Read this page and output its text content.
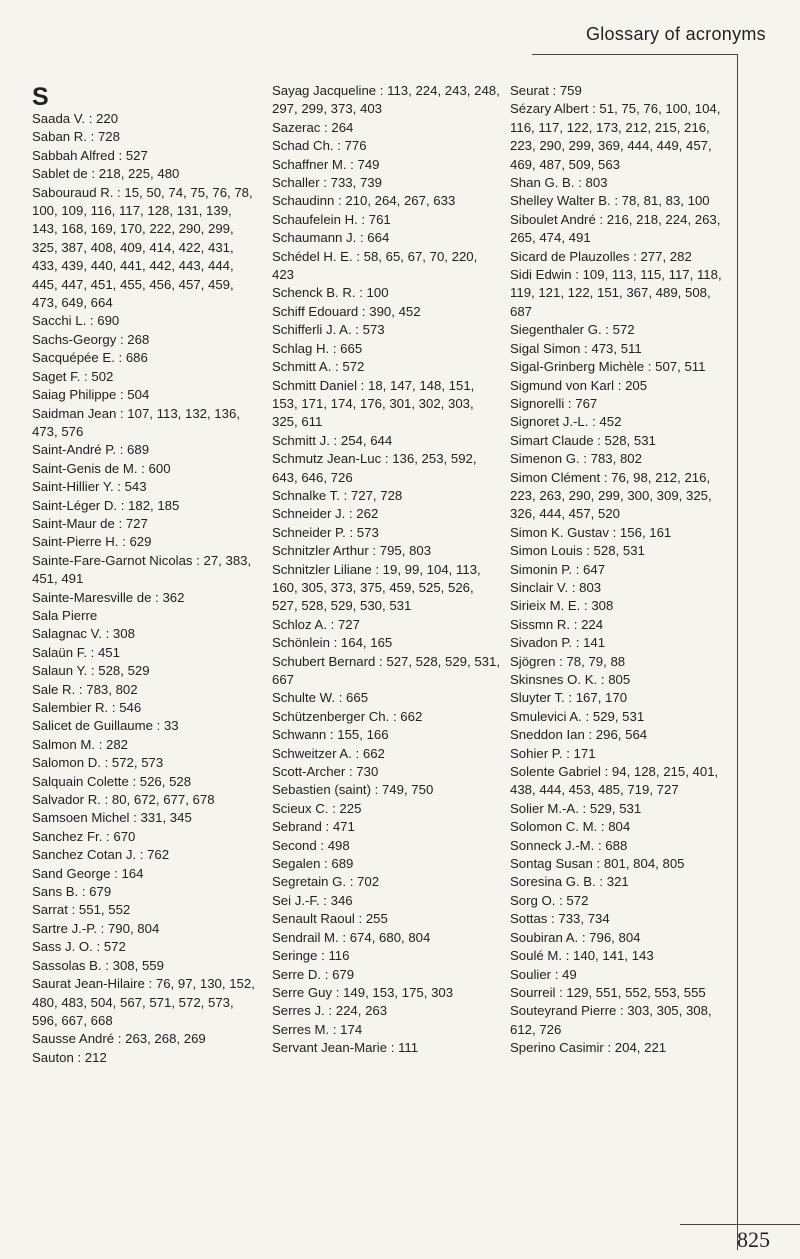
Glossary of acronyms
825
S
Saada V. : 220
Saban R. : 728
Sabbah Alfred : 527
Sablet de : 218, 225, 480
Sabouraud R. : 15, 50, 74, 75, 76, 78, 100, 109, 116, 117, 128, 131, 139, 143, 168, 169, 170, 222, 290, 299, 325, 387, 408, 409, 414, 422, 431, 433, 439, 440, 441, 442, 443, 444, 445, 447, 451, 455, 456, 457, 459, 473, 649, 664
Sacchi L. : 690
Sachs-Georgy : 268
Sacquépée E. : 686
Saget F. : 502
Saiag Philippe : 504
Saidman Jean : 107, 113, 132, 136, 473, 576
Saint-André P. : 689
Saint-Genis de M. : 600
Saint-Hillier Y. : 543
Saint-Léger D. : 182, 185
Saint-Maur de : 727
Saint-Pierre H. : 629
Sainte-Fare-Garnot Nicolas : 27, 383, 451, 491
Sainte-Maresville de : 362
Sala Pierre
Salagnac V. : 308
Salaün F. : 451
Salaun Y. : 528, 529
Sale R. : 783, 802
Salembier R. : 546
Salicet de Guillaume : 33
Salmon M. : 282
Salomon D. : 572, 573
Salquain Colette : 526, 528
Salvador R. : 80, 672, 677, 678
Samsoen Michel : 331, 345
Sanchez Fr. : 670
Sanchez Cotan J. : 762
Sand George : 164
Sans B. : 679
Sarrat : 551, 552
Sartre J.-P. : 790, 804
Sass J. O. : 572
Sassolas B. : 308, 559
Saurat Jean-Hilaire : 76, 97, 130, 152, 480, 483, 504, 567, 571, 572, 573, 596, 667, 668
Sausse André : 263, 268, 269
Sauton : 212
Sayag Jacqueline : 113, 224, 243, 248, 297, 299, 373, 403
Sazerac : 264
Schad Ch. : 776
Schaffner M. : 749
Schaller : 733, 739
Schaudinn : 210, 264, 267, 633
Schaufelein H. : 761
Schaumann J. : 664
Schédel H. E. : 58, 65, 67, 70, 220, 423
Schenck B. R. : 100
Schiff Edouard : 390, 452
Schifferli J. A. : 573
Schlag H. : 665
Schmitt A. : 572
Schmitt Daniel : 18, 147, 148, 151, 153, 171, 174, 176, 301, 302, 303, 325, 611
Schmitt J. : 254, 644
Schmutz Jean-Luc : 136, 253, 592, 643, 646, 726
Schnalke T. : 727, 728
Schneider J. : 262
Schneider P. : 573
Schnitzler Arthur : 795, 803
Schnitzler Liliane : 19, 99, 104, 113, 160, 305, 373, 375, 459, 525, 526, 527, 528, 529, 530, 531
Schloz A. : 727
Schönlein : 164, 165
Schubert Bernard : 527, 528, 529, 531, 667
Schulte W. : 665
Schützenberger Ch. : 662
Schwann : 155, 166
Schweitzer A. : 662
Scott-Archer : 730
Sebastien (saint) : 749, 750
Scieux C. : 225
Sebrand : 471
Second : 498
Segalen : 689
Segretain G. : 702
Sei J.-F. : 346
Senault Raoul : 255
Sendrail M. : 674, 680, 804
Seringe : 116
Serre D. : 679
Serre Guy : 149, 153, 175, 303
Serres J. : 224, 263
Serres M. : 174
Servant Jean-Marie : 111
Seurat : 759
Sézary Albert : 51, 75, 76, 100, 104, 116, 117, 122, 173, 212, 215, 216, 223, 290, 299, 369, 444, 449, 457, 469, 487, 509, 563
Shan G. B. : 803
Shelley Walter B. : 78, 81, 83, 100
Siboulet André : 216, 218, 224, 263, 265, 474, 491
Sicard de Plauzolles : 277, 282
Sidi Edwin : 109, 113, 115, 117, 118, 119, 121, 122, 151, 367, 489, 508, 687
Siegenthaler G. : 572
Sigal Simon : 473, 511
Sigal-Grinberg Michèle : 507, 511
Sigmund von Karl : 205
Signorelli : 767
Signoret J.-L. : 452
Simart Claude : 528, 531
Simenon G. : 783, 802
Simon Clément : 76, 98, 212, 216, 223, 263, 290, 299, 300, 309, 325, 326, 444, 457, 520
Simon K. Gustav : 156, 161
Simon Louis : 528, 531
Simonin P. : 647
Sinclair V. : 803
Sirieix M. E. : 308
Sissmn R. : 224
Sivadon P. : 141
Sjögren : 78, 79, 88
Skinsnes O. K. : 805
Sluyter T. : 167, 170
Smulevici A. : 529, 531
Sneddon Ian : 296, 564
Sohier P. : 171
Solente Gabriel : 94, 128, 215, 401, 438, 444, 453, 485, 719, 727
Solier M.-A. : 529, 531
Solomon C. M. : 804
Sonneck J.-M. : 688
Sontag Susan : 801, 804, 805
Soresina G. B. : 321
Sorg O. : 572
Sottas : 733, 734
Soubiran A. : 796, 804
Soulé M. : 140, 141, 143
Soulier : 49
Sourreil : 129, 551, 552, 553, 555
Souteyrand Pierre : 303, 305, 308, 612, 726
Sperino Casimir : 204, 221
